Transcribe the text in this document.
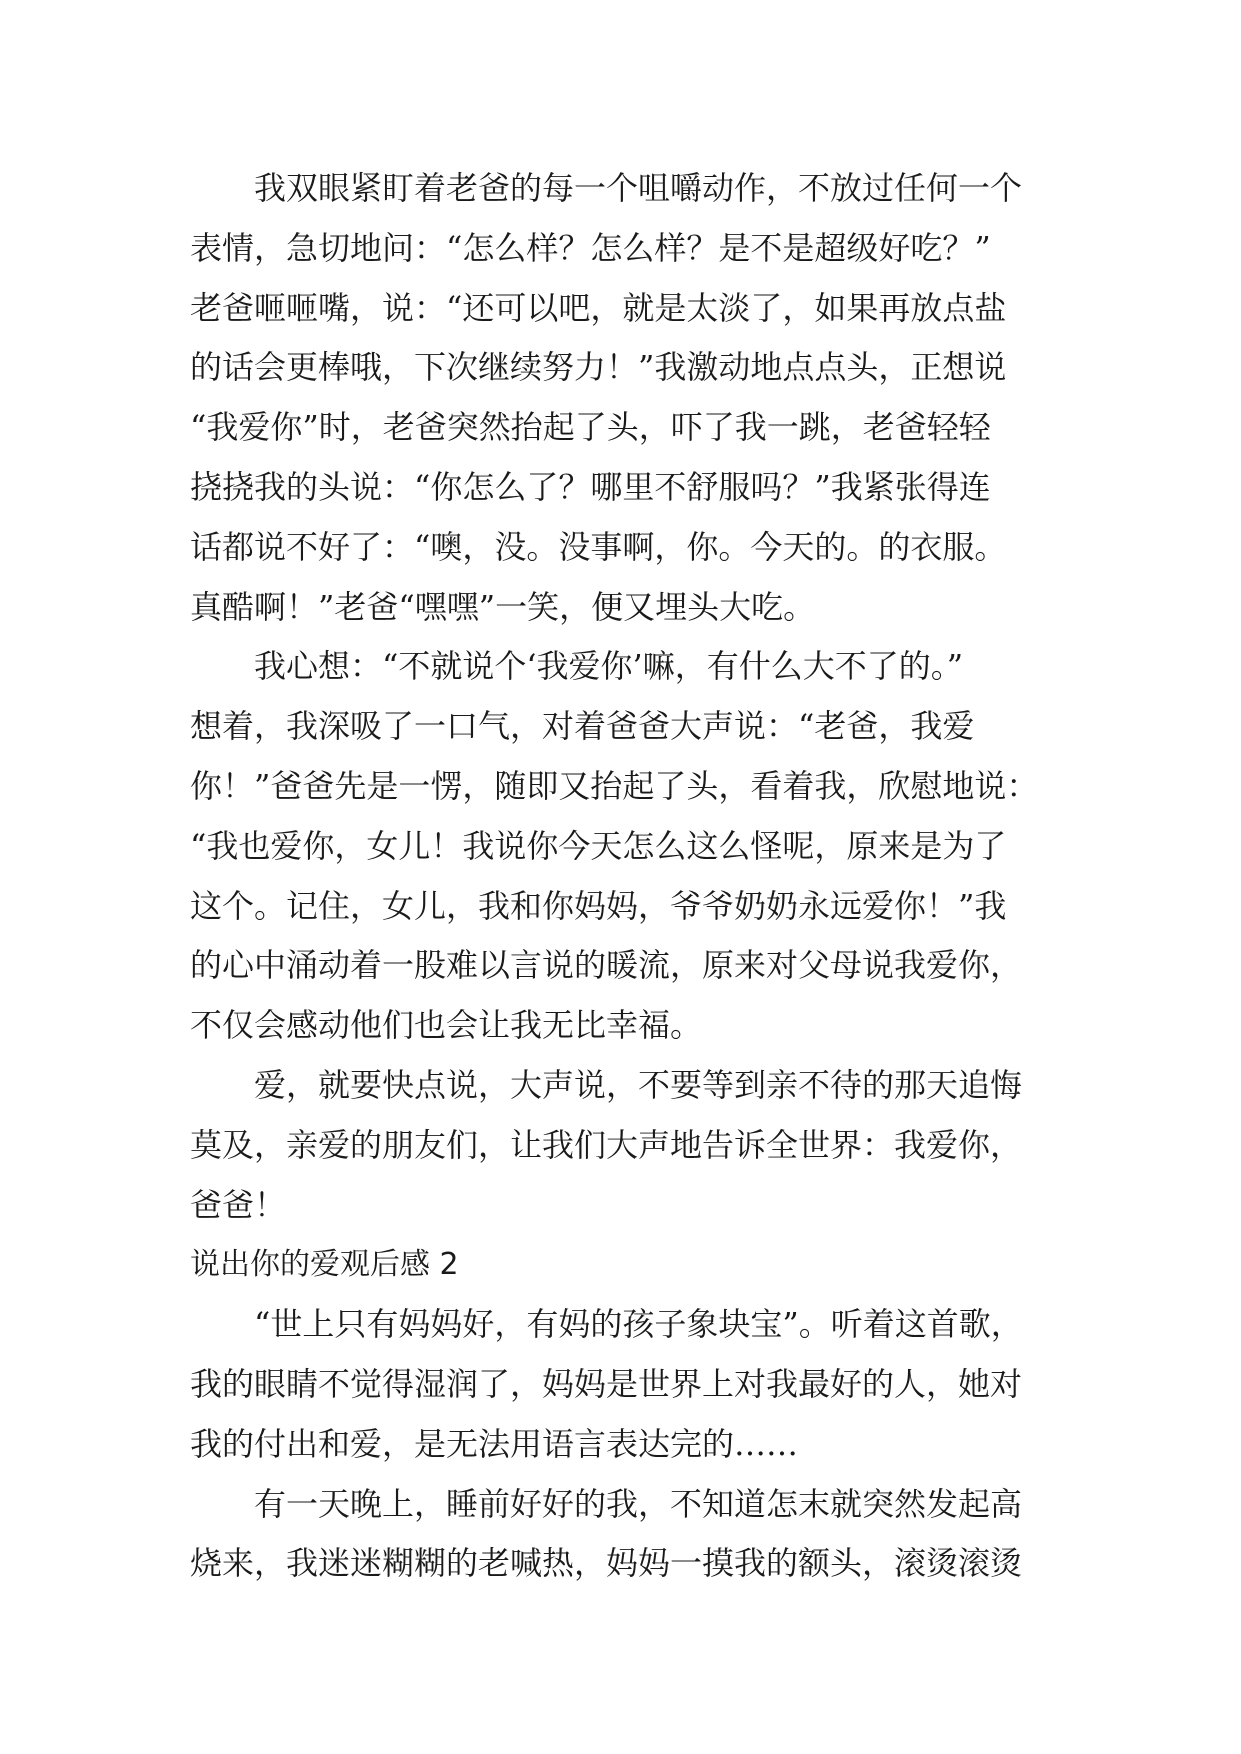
我双眼紧盯着老爸的每一个咀嚼动作，不放过任何一个
表情，急切地问：“怎么样？怎么样？是不是超级好吃？”
老爸咂咂嘴，说：“还可以吧，就是太淡了，如果再放点盐
的话会更棒哦，下次继续努力！”我激动地点点头，正想说
“我爱你”时，老爸突然抬起了头，吓了我一跳，老爸轻轻
挠挠我的头说：“你怎么了？哪里不舒服吗？”我紧张得连
话都说不好了：“噢，没。没事啊，你。今天的。的衣服。
真酷啊！”老爸“嘿嘿”一笑，便又埋头大吃。
我心想：“不就说个‘我爱你’嘛，有什么大不了的。”
想着，我深吸了一口气，对着爸爸大声说：“老爸，我爱
你！”爸爸先是一愣，随即又抬起了头，看着我，欣慰地说：
“我也爱你，女儿！我说你今天怎么这么怪呢，原来是为了
这个。记住，女儿，我和你妈妈，爷爷奶奶永远爱你！”我
的心中涌动着一股难以言说的暖流，原来对父母说我爱你，
不仅会感动他们也会让我无比幸福。
爱，就要快点说，大声说，不要等到亲不待的那天追悔
莫及，亲爱的朋友们，让我们大声地告诉全世界：我爱你，
爸爸！
说出你的爱观后感 2
“世上只有妈妈好，有妈的孩子象块宝”。听着这首歌，
我的眼睛不觉得湿润了，妈妈是世界上对我最好的人，她对
我的付出和爱，是无法用语言表达完的……
有一天晚上，睡前好好的我，不知道怎末就突然发起高
烧来，我迷迷糊糊的老喊热，妈妈一摸我的额头，滚烫滚烫
